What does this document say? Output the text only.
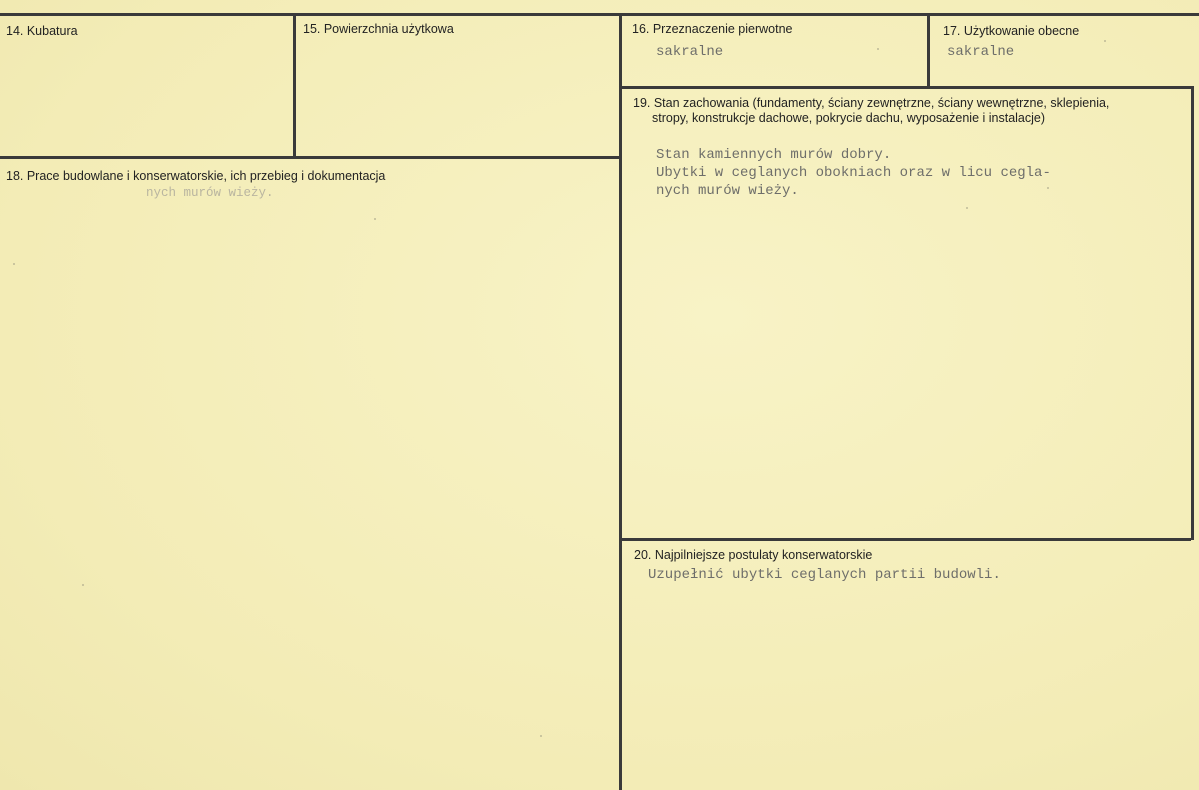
14. Kubatura	15. Powierzchnia użytkowa	16. Przeznaczenie pierwotne
sakralne
17. Użytkowanie obecne
sakralne
18. Prace budowlane i konserwatorskie, ich przebieg i dokumentacja
nych murów wieży.
19. Stan zachowania (fundamenty, ściany zewnętrzne, ściany wewnętrzne, sklepienia,
stropy, konstrukcje dachowe, pokrycie dachu, wyposażenie i instalacje)
Stan kamiennych murów dobry.
Ubytki w ceglanych obokniach oraz w licu cegla-
nych murów wieży.
20. Najpilniejsze postulaty konserwatorskie
Uzupełnić ubytki ceglanych partii budowli.
